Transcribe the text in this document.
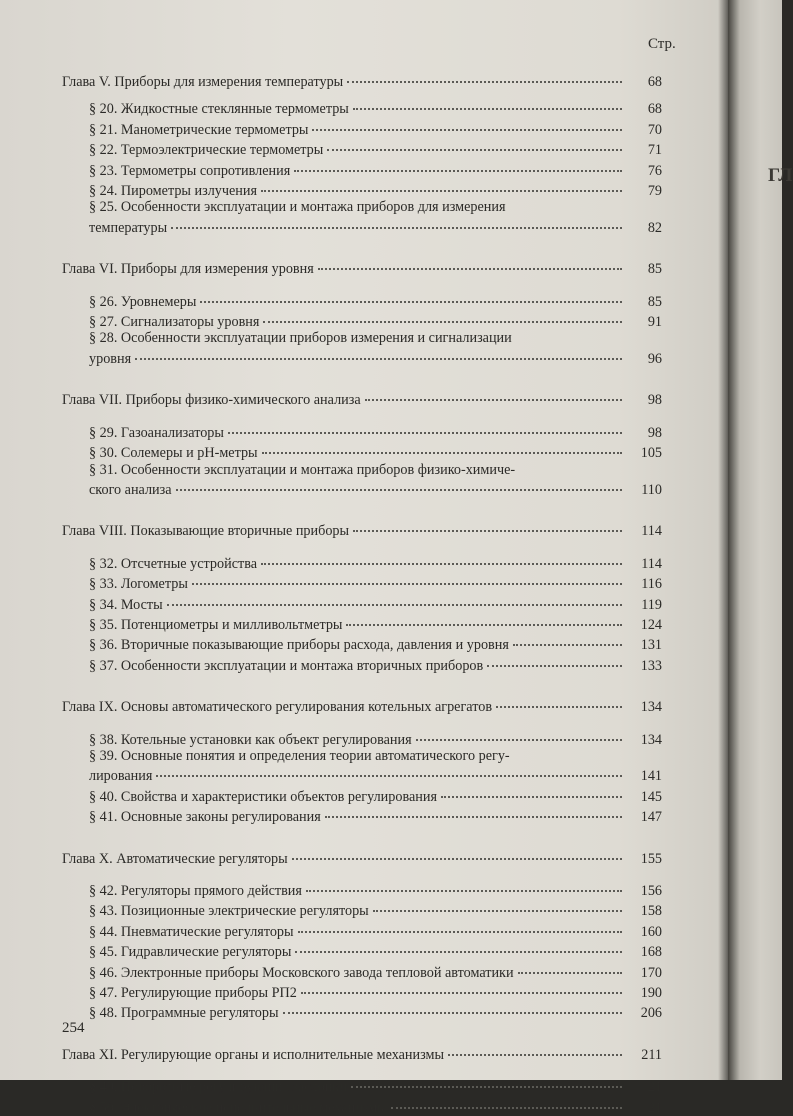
Стр.
Глава V. Приборы для измерения температуры	68
§ 20. Жидкостные стеклянные термометры	68
§ 21. Манометрические термометры	70
§ 22. Термоэлектрические термометры	71
§ 23. Термометры сопротивления	76
§ 24. Пирометры излучения	79
§ 25. Особенности эксплуатации и монтажа приборов для измерения
температуры	82
Глава VI. Приборы для измерения уровня	85
§ 26. Уровнемеры	85
§ 27. Сигнализаторы уровня	91
§ 28. Особенности эксплуатации приборов измерения и сигнализации
уровня	96
Глава VII. Приборы физико-химического анализа	98
§ 29. Газоанализаторы	98
§ 30. Солемеры и pH-метры	105
§ 31. Особенности эксплуатации и монтажа приборов физико-химиче-
ского анализа	110
Глава VIII. Показывающие вторичные приборы	114
§ 32. Отсчетные устройства	114
§ 33. Логометры	116
§ 34. Мосты	119
§ 35. Потенциометры и милливольтметры	124
§ 36. Вторичные показывающие приборы расхода, давления и уровня	131
§ 37. Особенности эксплуатации и монтажа вторичных приборов	133
Глава IX. Основы автоматического регулирования котельных агрегатов	134
§ 38. Котельные установки как объект регулирования	134
§ 39. Основные понятия и определения теории автоматического регу-
лирования	141
§ 40. Свойства и характеристики объектов регулирования	145
§ 41. Основные законы регулирования	147
Глава X. Автоматические регуляторы	155
§ 42. Регуляторы прямого действия	156
§ 43. Позиционные электрические регуляторы	158
§ 44. Пневматические регуляторы	160
§ 45. Гидравлические регуляторы	168
§ 46. Электронные приборы Московского завода тепловой автоматики	170
§ 47. Регулирующие приборы РП2	190
§ 48. Программные регуляторы	206
Глава XI. Регулирующие органы и исполнительные механизмы	211
§ 49. Поворотные регулирующие заслонки	21
§ 50. Электрические исполнительные механизмы	21
254
ГЛ
